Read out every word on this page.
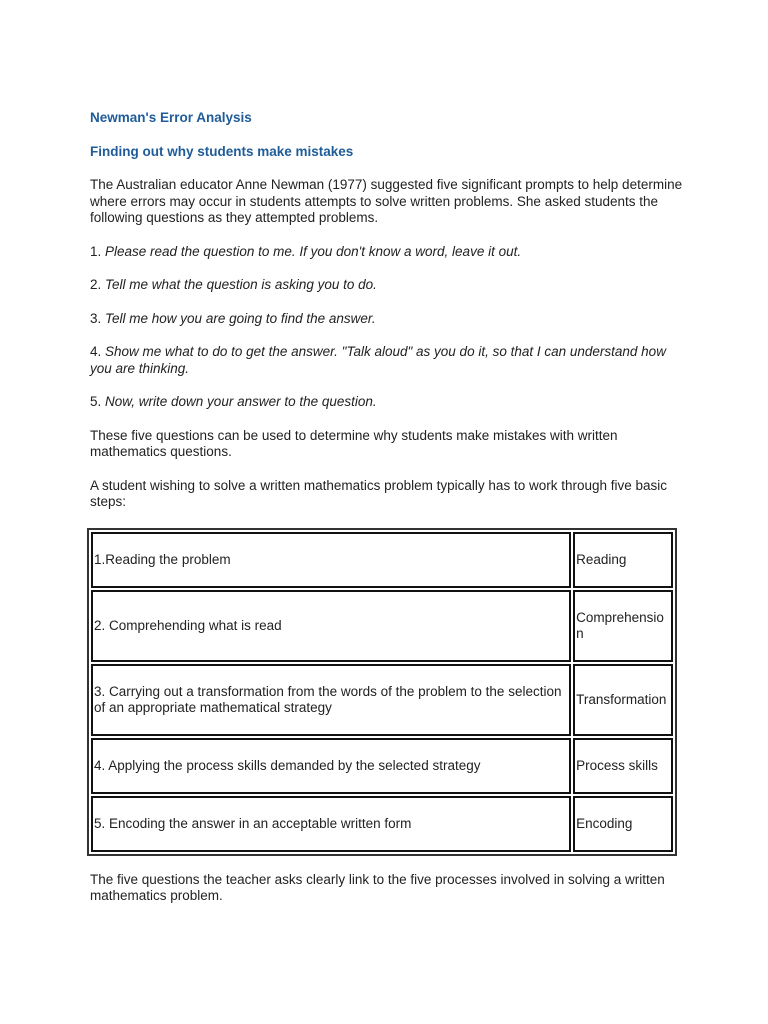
Newman's Error Analysis
Finding out why students make mistakes

The Australian educator Anne Newman (1977) suggested five significant prompts to help determine where errors may occur in students attempts to solve written problems. She asked students the following questions as they attempted problems.

1. Please read the question to me. If you don't know a word, leave it out.

2. Tell me what the question is asking you to do.

3. Tell me how you are going to find the answer.

4. Show me what to do to get the answer. "Talk aloud" as you do it, so that I can understand how you are thinking.

5. Now, write down your answer to the question.

These five questions can be used to determine why students make mistakes with written mathematics questions.

A student wishing to solve a written mathematics problem typically has to work through five basic steps:

1.Reading the problem	Reading
2. Comprehending what is read	Comprehension
3. Carrying out a transformation from the words of the problem to the selection of an appropriate mathematical strategy	Transformation
4. Applying the process skills demanded by the selected strategy	Process skills
5. Encoding the answer in an acceptable written form	Encoding

The five questions the teacher asks clearly link to the five processes involved in solving a written mathematics problem.
